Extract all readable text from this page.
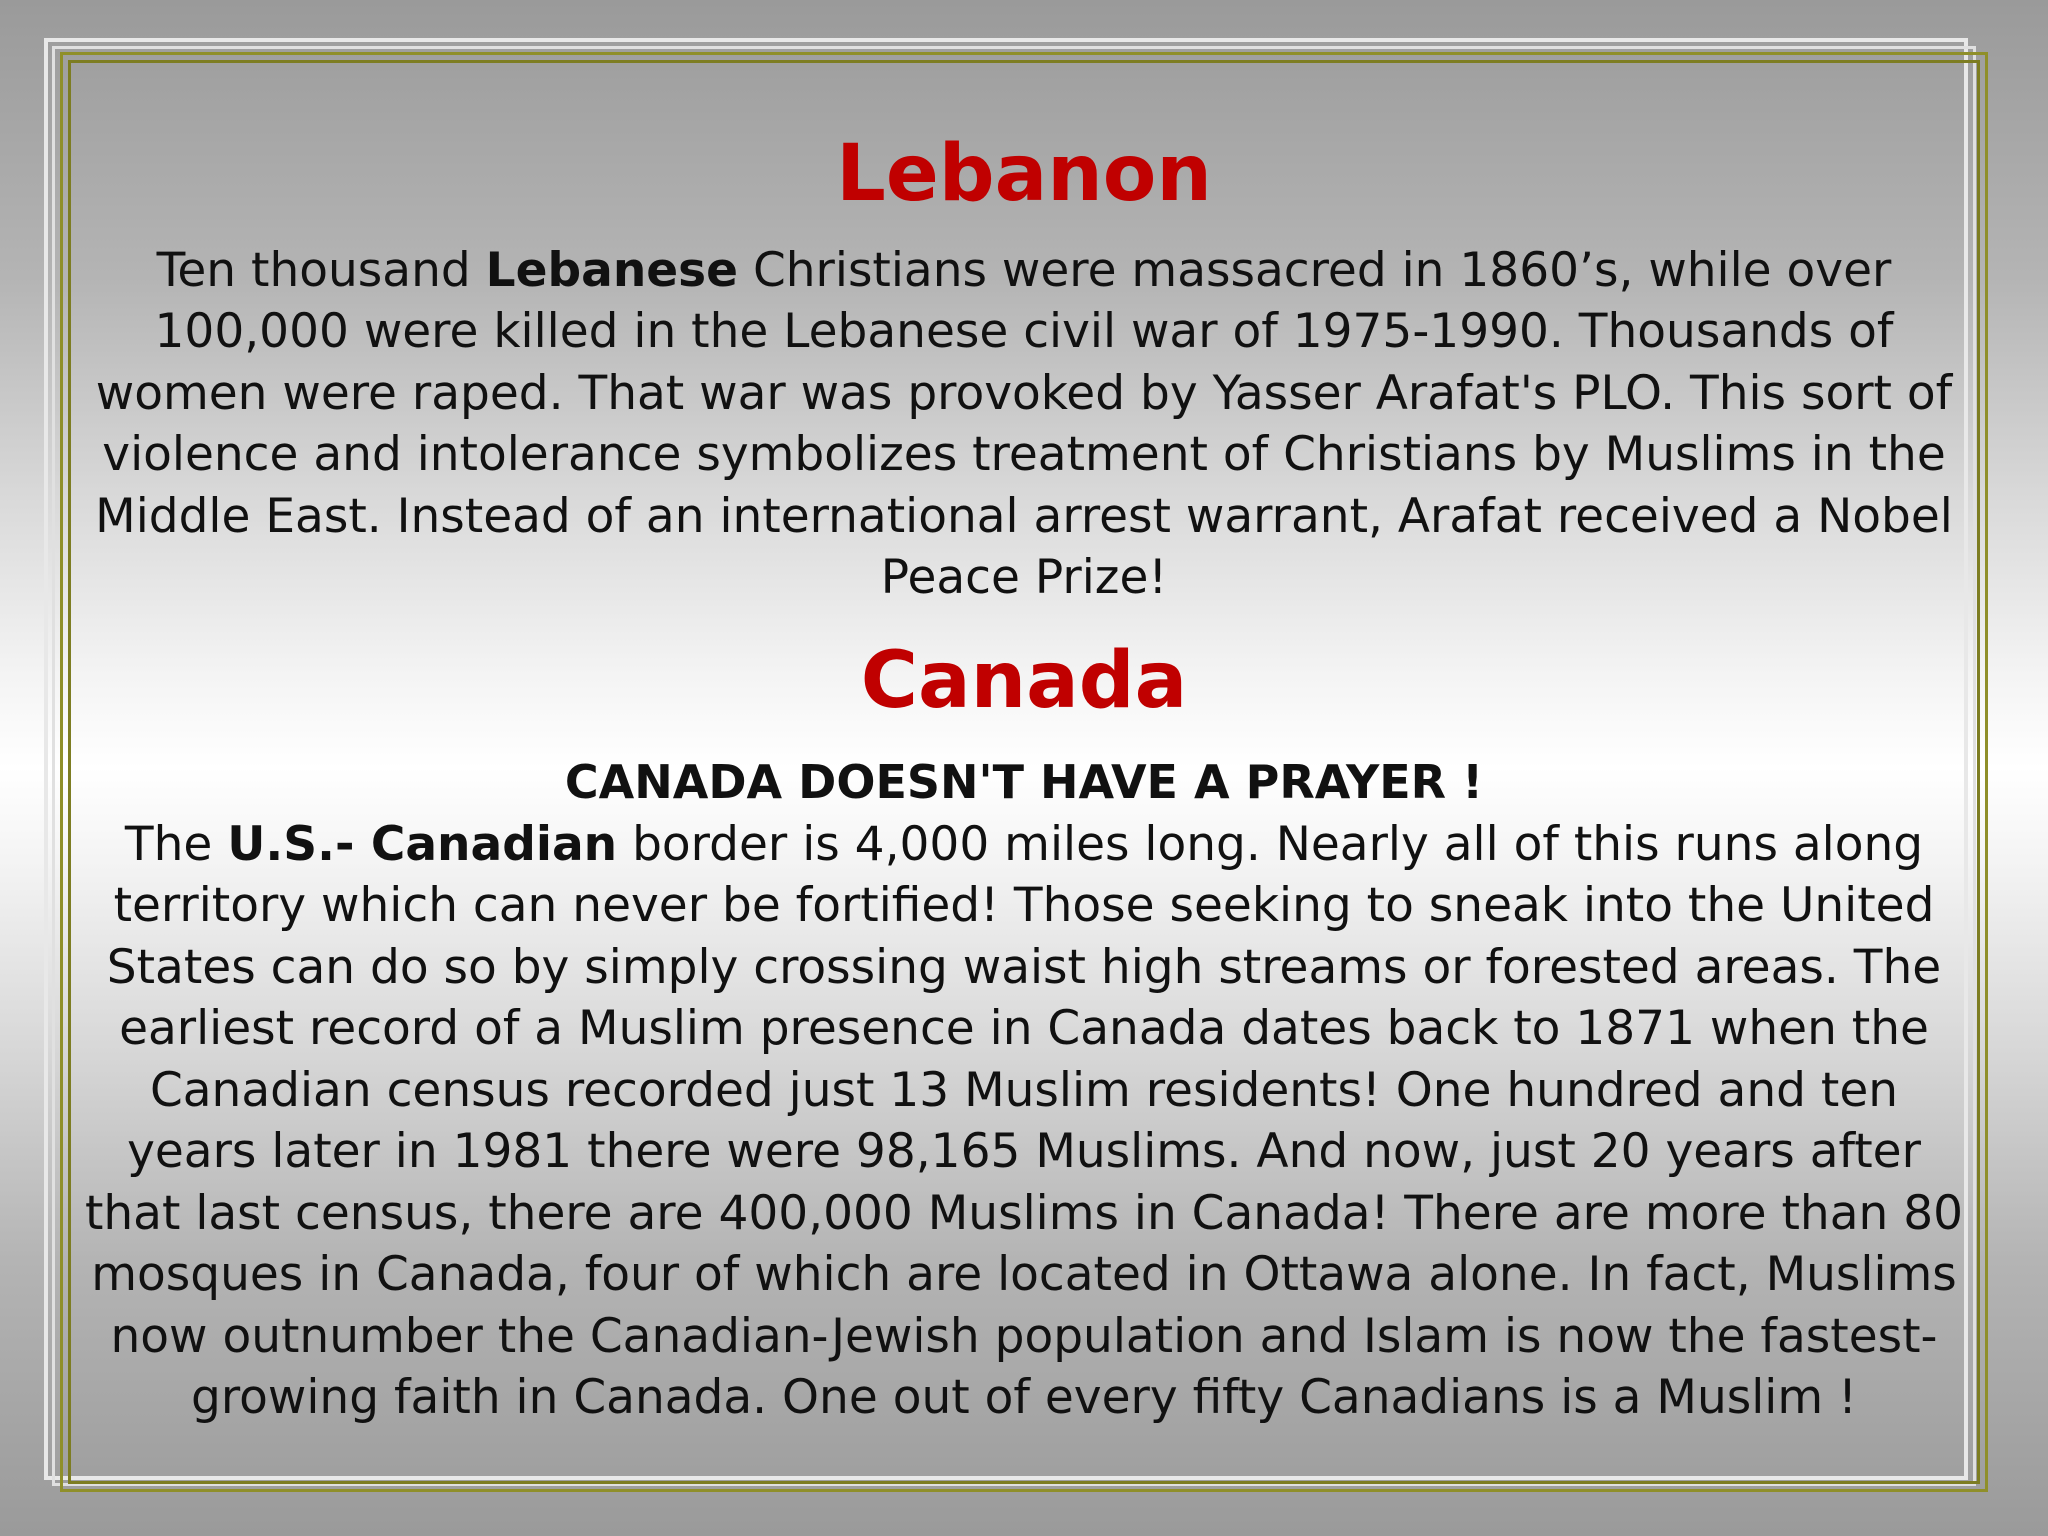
Lebanon

Ten thousand Lebanese Christians were massacred in 1860’s, while over 100,000 were killed in the Lebanese civil war of 1975-1990. Thousands of women were raped. That war was provoked by Yasser Arafat's PLO. This sort of violence and intolerance symbolizes treatment of Christians by Muslims in the Middle East. Instead of an international arrest warrant, Arafat received a Nobel Peace Prize!

Canada

CANADA DOESN'T HAVE A PRAYER !

The U.S.- Canadian border is 4,000 miles long. Nearly all of this runs along territory which can never be fortified! Those seeking to sneak into the United States can do so by simply crossing waist high streams or forested areas. The earliest record of a Muslim presence in Canada dates back to 1871 when the Canadian census recorded just 13 Muslim residents! One hundred and ten years later in 1981 there were 98,165 Muslims. And now, just 20 years after that last census, there are 400,000 Muslims in Canada! There are more than 80 mosques in Canada, four of which are located in Ottawa alone. In fact, Muslims now outnumber the Canadian-Jewish population and Islam is now the fastest-growing faith in Canada. One out of every fifty Canadians is a Muslim !
